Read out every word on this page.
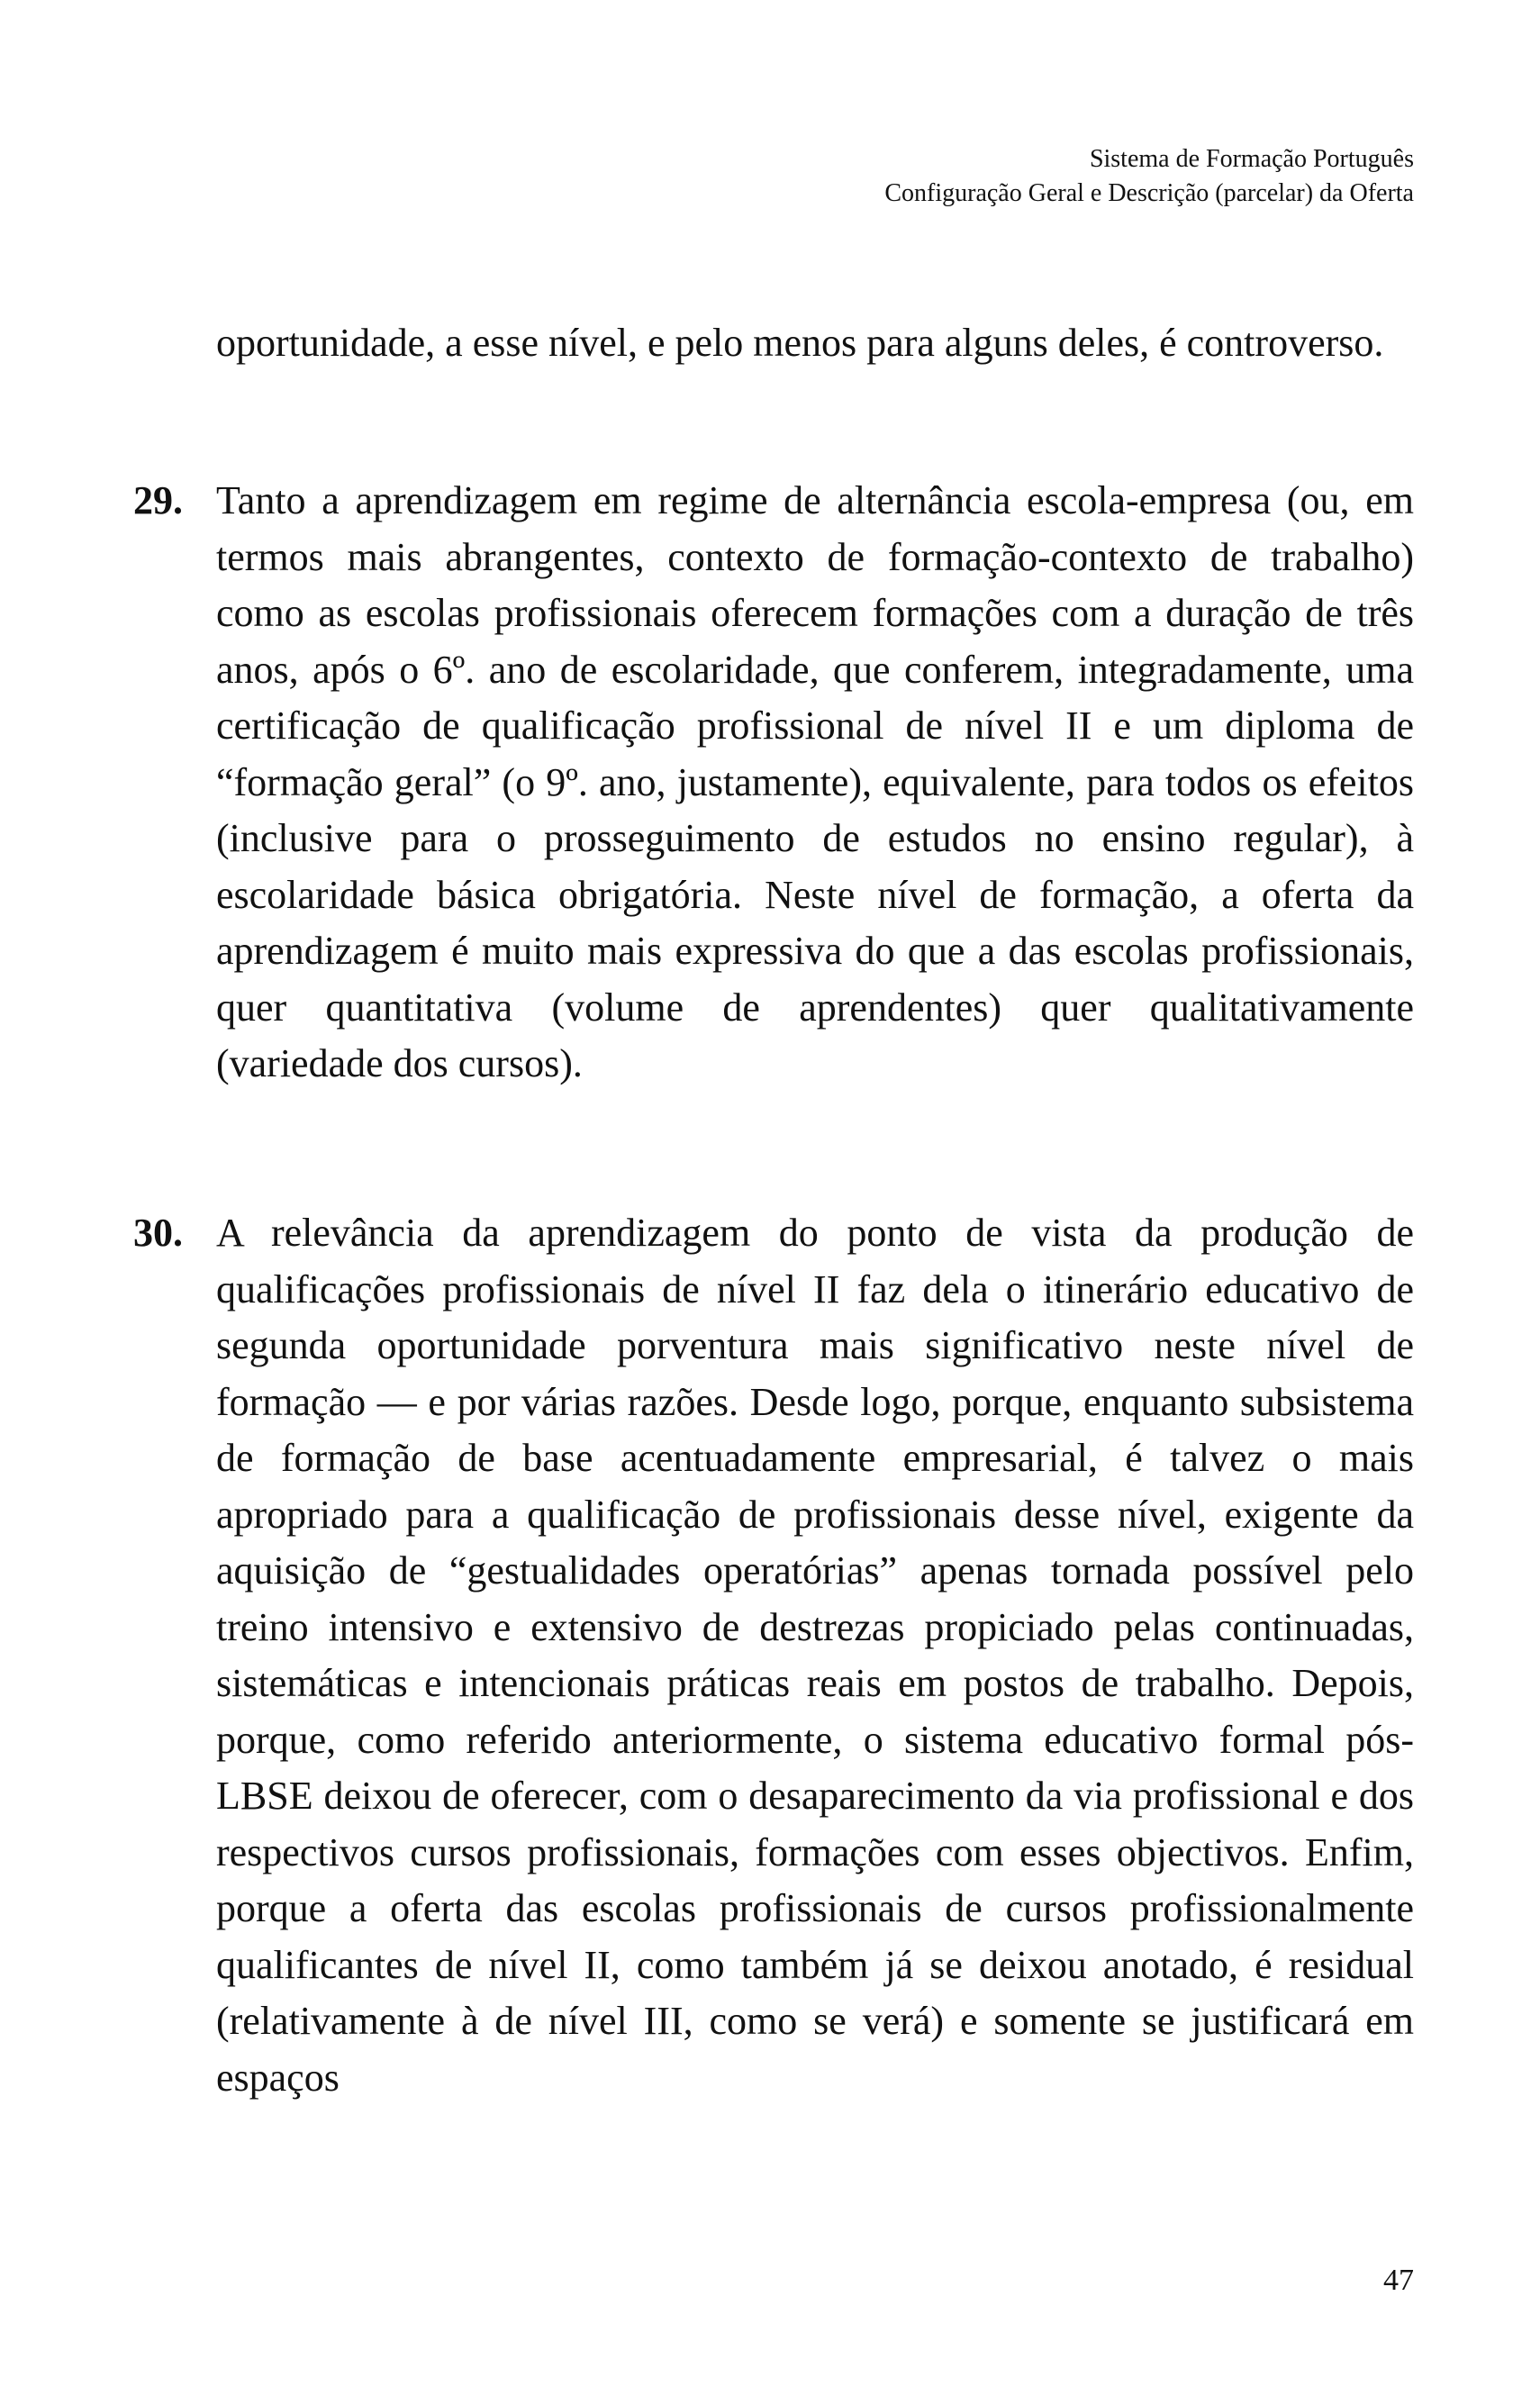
Sistema de Formação Português
Configuração Geral e Descrição (parcelar) da Oferta
oportunidade, a esse nível, e pelo menos para alguns deles, é controverso.
29. Tanto a aprendizagem em regime de alternância escola-empresa (ou, em termos mais abrangentes, contexto de formação-contexto de trabalho) como as escolas profissionais oferecem formações com a duração de três anos, após o 6º. ano de escolaridade, que conferem, integradamente, uma certificação de qualificação profissional de nível II e um diploma de “formação geral” (o 9º. ano, justamente), equivalente, para todos os efeitos (inclusive para o prosseguimento de estudos no ensino regular), à escolaridade básica obrigatória. Neste nível de formação, a oferta da aprendizagem é muito mais expressiva do que a das escolas profissionais, quer quantitativa (volume de aprendentes) quer qualitativamente (variedade dos cursos).
30. A relevância da aprendizagem do ponto de vista da produção de qualificações profissionais de nível II faz dela o itinerário educativo de segunda oportunidade porventura mais significativo neste nível de formação — e por várias razões. Desde logo, porque, enquanto subsistema de formação de base acentuadamente empresarial, é talvez o mais apropriado para a qualificação de profissionais desse nível, exigente da aquisição de “gestualidades operatórias” apenas tornada possível pelo treino intensivo e extensivo de destrezas propiciado pelas continuadas, sistemáticas e intencionais práticas reais em postos de trabalho. Depois, porque, como referido anteriormente, o sistema educativo formal pós-LBSE deixou de oferecer, com o desaparecimento da via profissional e dos respectivos cursos profissionais, formações com esses objectivos. Enfim, porque a oferta das escolas profissionais de cursos profissionalmente qualificantes de nível II, como também já se deixou anotado, é residual (relativamente à de nível III, como se verá) e somente se justificará em espaços
47
